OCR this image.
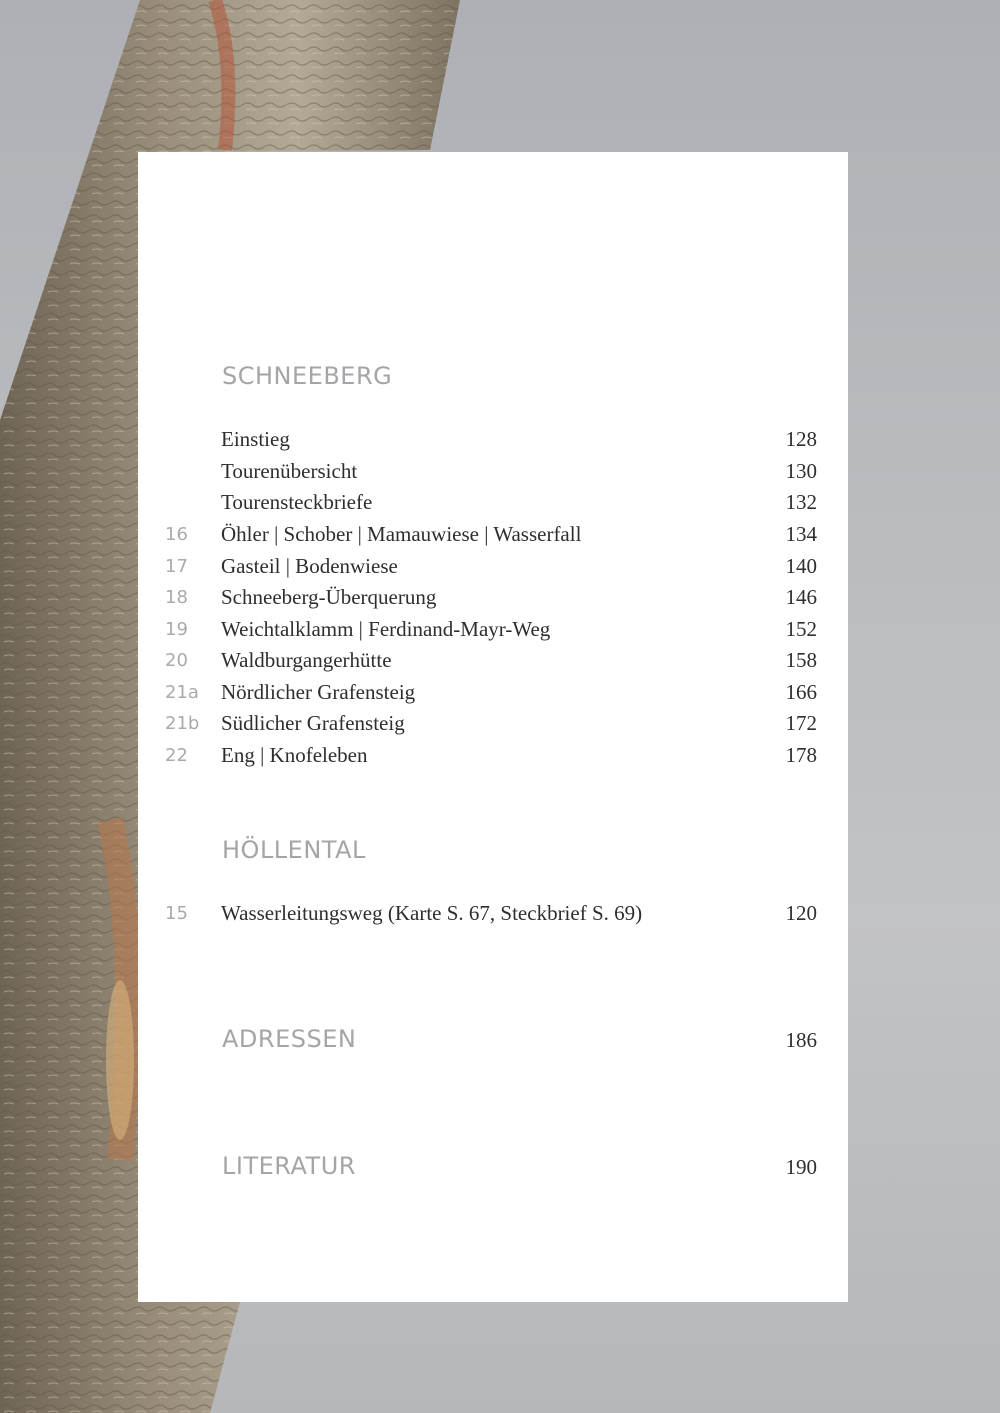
SCHNEEBERG
Einstieg	128
Tourenübersicht	130
Tourensteckbriefe	132
16 Öhler | Schober | Mamauwiese | Wasserfall	134
17 Gasteil | Bodenwiese	140
18 Schneeberg-Überquerung	146
19 Weichtalklamm | Ferdinand-Mayr-Weg	152
20 Waldburgangerhütte	158
21a Nördlicher Grafensteig	166
21b Südlicher Grafensteig	172
22 Eng | Knofeleben	178
HÖLLENTAL
15 Wasserleitungsweg (Karte S. 67, Steckbrief S. 69)	120
ADRESSEN	186
LITERATUR	190
